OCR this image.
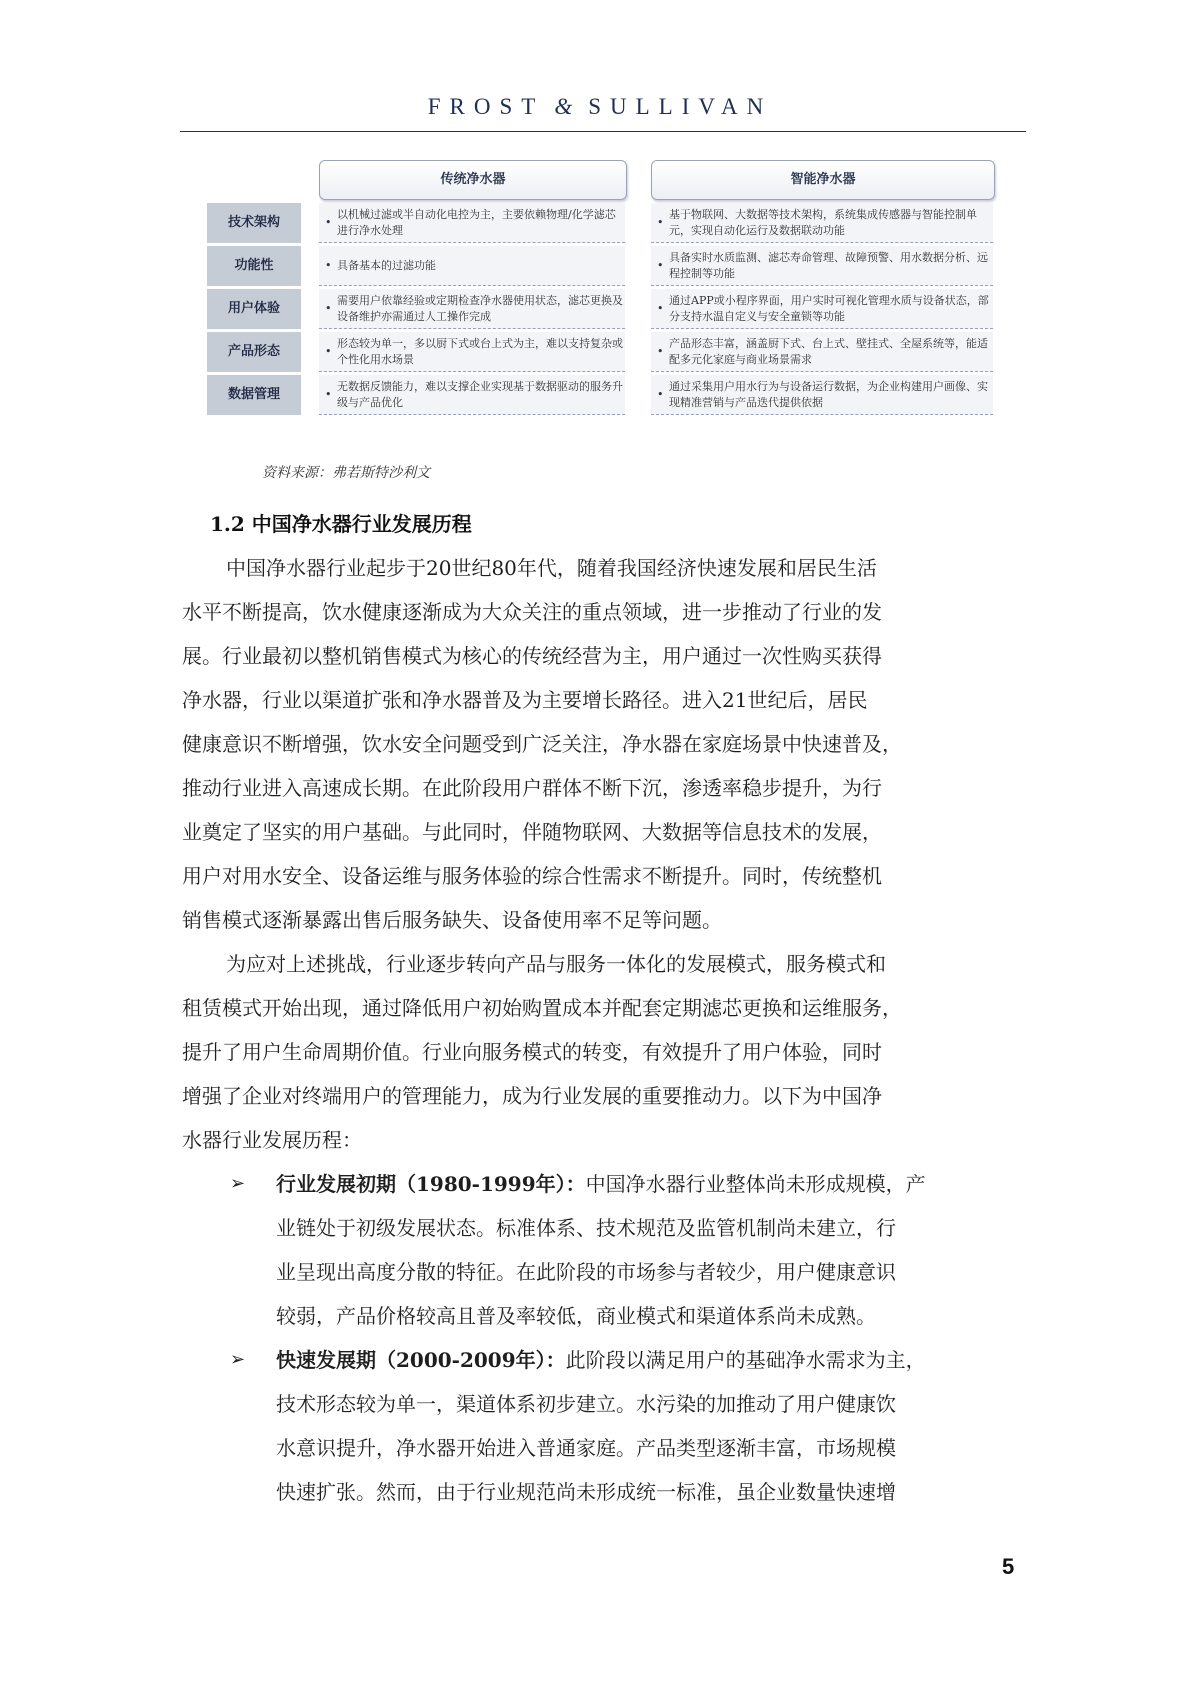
FROST & SULLIVAN
传统净水器	智能净水器
技术架构
• 以机械过滤或半自动化电控为主，主要依赖物理/化学滤芯进行净水处理
• 基于物联网、大数据等技术架构，系统集成传感器与智能控制单元，实现自动化运行及数据联动功能
功能性
•	具备基本的过滤功能
• 具备实时水质监测、滤芯寿命管理、故障预警、用水数据分析、远程控制等功能
用户体验
• 需要用户依靠经验或定期检查净水器使用状态，滤芯更换及设备维护亦需通过人工操作完成
• 通过APP或小程序界面，用户实时可视化管理水质与设备状态，部分支持水温自定义与安全童锁等功能
产品形态
• 形态较为单一，多以厨下式或台上式为主，难以支持复杂或个性化用水场景
• 产品形态丰富，涵盖厨下式、台上式、壁挂式、全屋系统等，能适配多元化家庭与商业场景需求
数据管理
• 无数据反馈能力，难以支撑企业实现基于数据驱动的服务升级与产品优化
• 通过采集用户用水行为与设备运行数据，为企业构建用户画像、实现精准营销与产品迭代提供依据
资料来源：弗若斯特沙利文
1.2 中国净水器行业发展历程
中国净水器行业起步于20世纪80年代，随着我国经济快速发展和居民生活
水平不断提高，饮水健康逐渐成为大众关注的重点领域，进一步推动了行业的发
展。行业最初以整机销售模式为核心的传统经营为主，用户通过一次性购买获得
净水器，行业以渠道扩张和净水器普及为主要增长路径。进入21世纪后，居民
健康意识不断增强，饮水安全问题受到广泛关注，净水器在家庭场景中快速普及，
推动行业进入高速成长期。在此阶段用户群体不断下沉，渗透率稳步提升，为行
业奠定了坚实的用户基础。与此同时，伴随物联网、大数据等信息技术的发展，
用户对用水安全、设备运维与服务体验的综合性需求不断提升。同时，传统整机
销售模式逐渐暴露出售后服务缺失、设备使用率不足等问题。
为应对上述挑战，行业逐步转向产品与服务一体化的发展模式，服务模式和
租赁模式开始出现，通过降低用户初始购置成本并配套定期滤芯更换和运维服务，
提升了用户生命周期价值。行业向服务模式的转变，有效提升了用户体验，同时
增强了企业对终端用户的管理能力，成为行业发展的重要推动力。以下为中国净
水器行业发展历程：
➢ 行业发展初期（1980-1999年）：中国净水器行业整体尚未形成规模，产
业链处于初级发展状态。标准体系、技术规范及监管机制尚未建立，行
业呈现出高度分散的特征。在此阶段的市场参与者较少，用户健康意识
较弱，产品价格较高且普及率较低，商业模式和渠道体系尚未成熟。
➢ 快速发展期（2000-2009年）：此阶段以满足用户的基础净水需求为主，
技术形态较为单一，渠道体系初步建立。水污染的加推动了用户健康饮
水意识提升，净水器开始进入普通家庭。产品类型逐渐丰富，市场规模
快速扩张。然而，由于行业规范尚未形成统一标准，虽企业数量快速增
5
